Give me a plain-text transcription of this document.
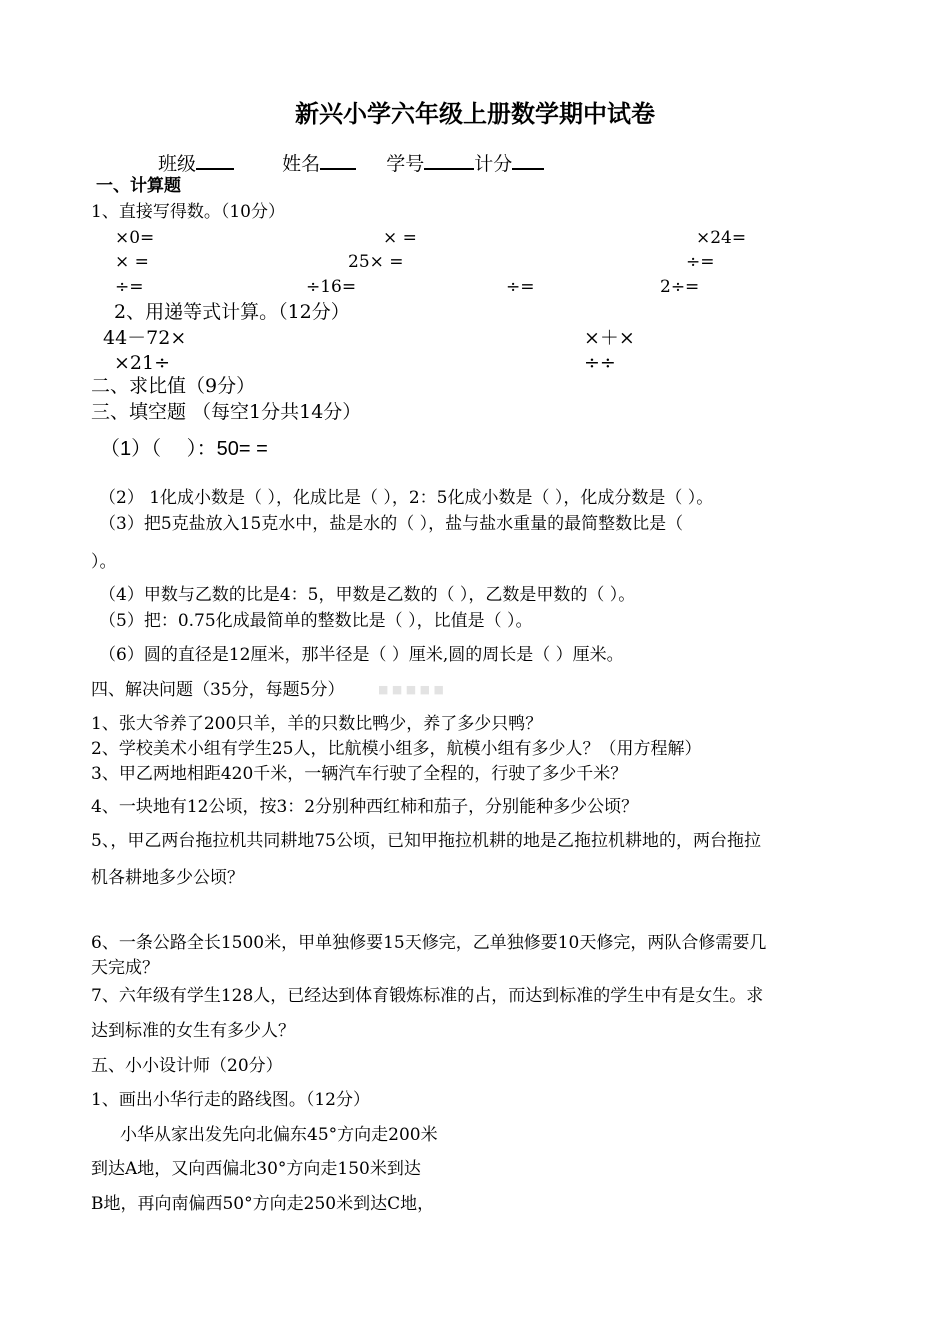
新兴小学六年级上册数学期中试卷
班级	姓名	学号	计分
一、计算题
1、直接写得数。（10分）
×0=	× =	×24=
× =	25× =	÷=
÷=	÷16=	÷=	2÷=
2、用递等式计算。（12分）
44－72×	×＋×
×21÷	÷÷
二、求比值（9分）
三、填空题 （每空1分共14分）
（1）（　 ）：50= =
（2） 1化成小数是（ ），化成比是（ ），2：5化成小数是（ ），化成分数是（ ）。
（3）把5克盐放入15克水中，盐是水的（ ），盐与盐水重量的最简整数比是（
）。
（4）甲数与乙数的比是4：5，甲数是乙数的（ ），乙数是甲数的（ ）。
（5）把：0.75化成最简单的整数比是（ ），比值是（ ）。
（6）圆的直径是12厘米，那半径是（ ）厘米,圆的周长是（ ）厘米。
四、解决问题（35分，每题5分）	■ ■ ■ ■ ■
1、张大爷养了200只羊，羊的只数比鸭少，养了多少只鸭？
2、学校美术小组有学生25人，比航模小组多，航模小组有多少人？（用方程解）
3、甲乙两地相距420千米，一辆汽车行驶了全程的，行驶了多少千米？
4、一块地有12公顷，按3：2分别种西红柿和茄子，分别能种多少公顷？
5、，甲乙两台拖拉机共同耕地75公顷，已知甲拖拉机耕的地是乙拖拉机耕地的，两台拖拉
机各耕地多少公顷？
6、一条公路全长1500米，甲单独修要15天修完，乙单独修要10天修完，两队合修需要几
天完成？
7、六年级有学生128人，已经达到体育锻炼标准的占，而达到标准的学生中有是女生。求
达到标准的女生有多少人？
五、小小设计师（20分）
1、画出小华行走的路线图。（12分）
小华从家出发先向北偏东45°方向走200米
到达A地，又向西偏北30°方向走150米到达
B地，再向南偏西50°方向走250米到达C地，
